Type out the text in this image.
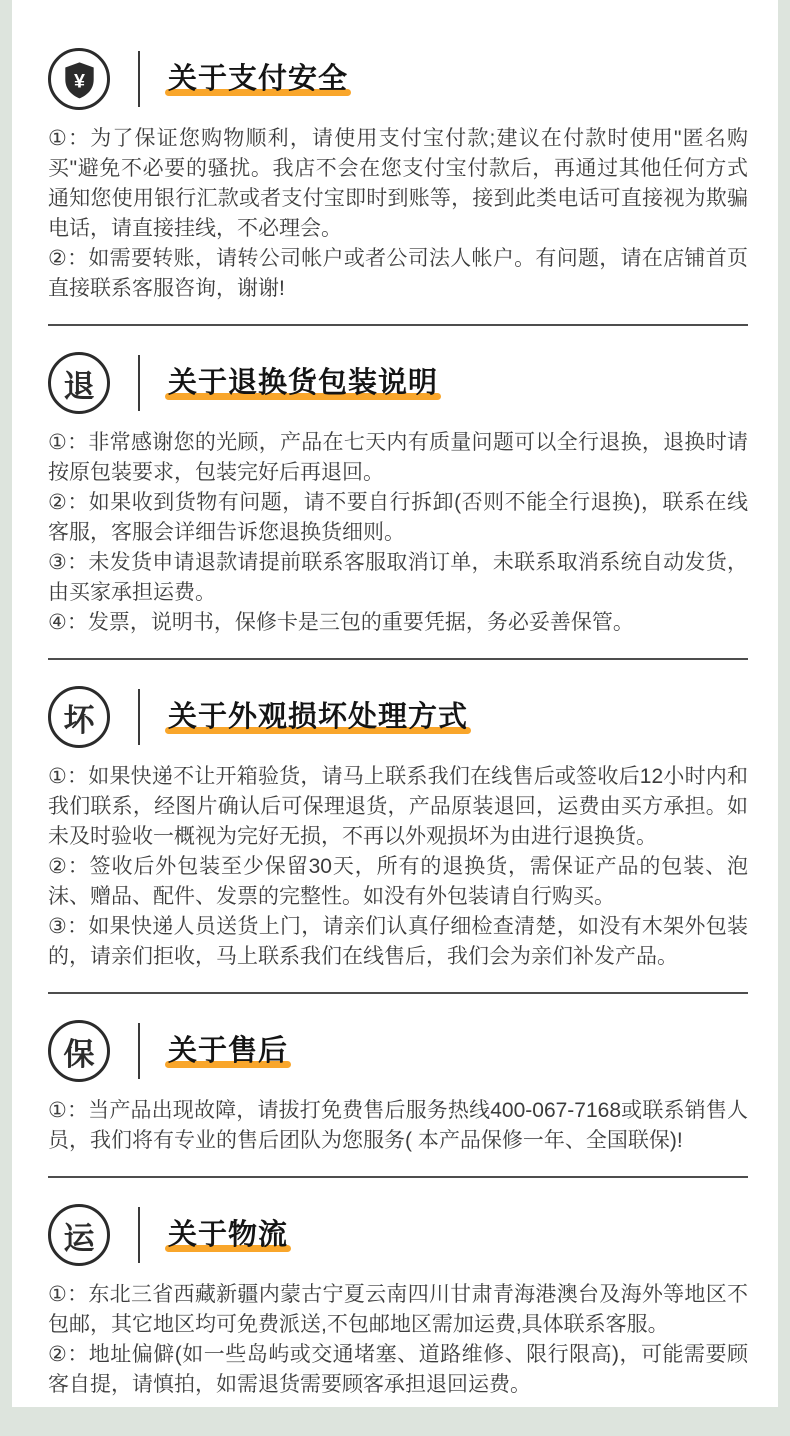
¥	关于支付安全

①：为了保证您购物顺利，请使用支付宝付款;建议在付款时使用"匿名购买"避免不必要的骚扰。我店不会在您支付宝付款后，再通过其他任何方式通知您使用银行汇款或者支付宝即时到账等，接到此类电话可直接视为欺骗电话，请直接挂线，不必理会。

②：如需要转账，请转公司帐户或者公司法人帐户。有问题，请在店铺首页直接联系客服咨询，谢谢!

退	关于退换货包装说明

①：非常感谢您的光顾，产品在七天内有质量问题可以全行退换，退换时请按原包装要求，包装完好后再退回。

②：如果收到货物有问题，请不要自行拆卸(否则不能全行退换)，联系在线客服，客服会详细告诉您退换货细则。

③：未发货申请退款请提前联系客服取消订单，未联系取消系统自动发货，由买家承担运费。

④：发票，说明书，保修卡是三包的重要凭据，务必妥善保管。

坏	关于外观损坏处理方式

①：如果快递不让开箱验货，请马上联系我们在线售后或签收后12小时内和我们联系，经图片确认后可保理退货，产品原装退回，运费由买方承担。如未及时验收一概视为完好无损，不再以外观损坏为由进行退换货。

②：签收后外包装至少保留30天，所有的退换货，需保证产品的包装、泡沫、赠品、配件、发票的完整性。如没有外包装请自行购买。

③：如果快递人员送货上门，请亲们认真仔细检查清楚，如没有木架外包装的，请亲们拒收，马上联系我们在线售后，我们会为亲们补发产品。

保	关于售后

①：当产品出现故障，请拔打免费售后服务热线400-067-7168或联系销售人员，我们将有专业的售后团队为您服务( 本产品保修一年、全国联保)!

运	关于物流

①：东北三省西藏新疆内蒙古宁夏云南四川甘肃青海港澳台及海外等地区不包邮，其它地区均可免费派送,不包邮地区需加运费,具体联系客服。

②：地址偏僻(如一些岛屿或交通堵塞、道路维修、限行限高)，可能需要顾客自提，请慎拍，如需退货需要顾客承担退回运费。
